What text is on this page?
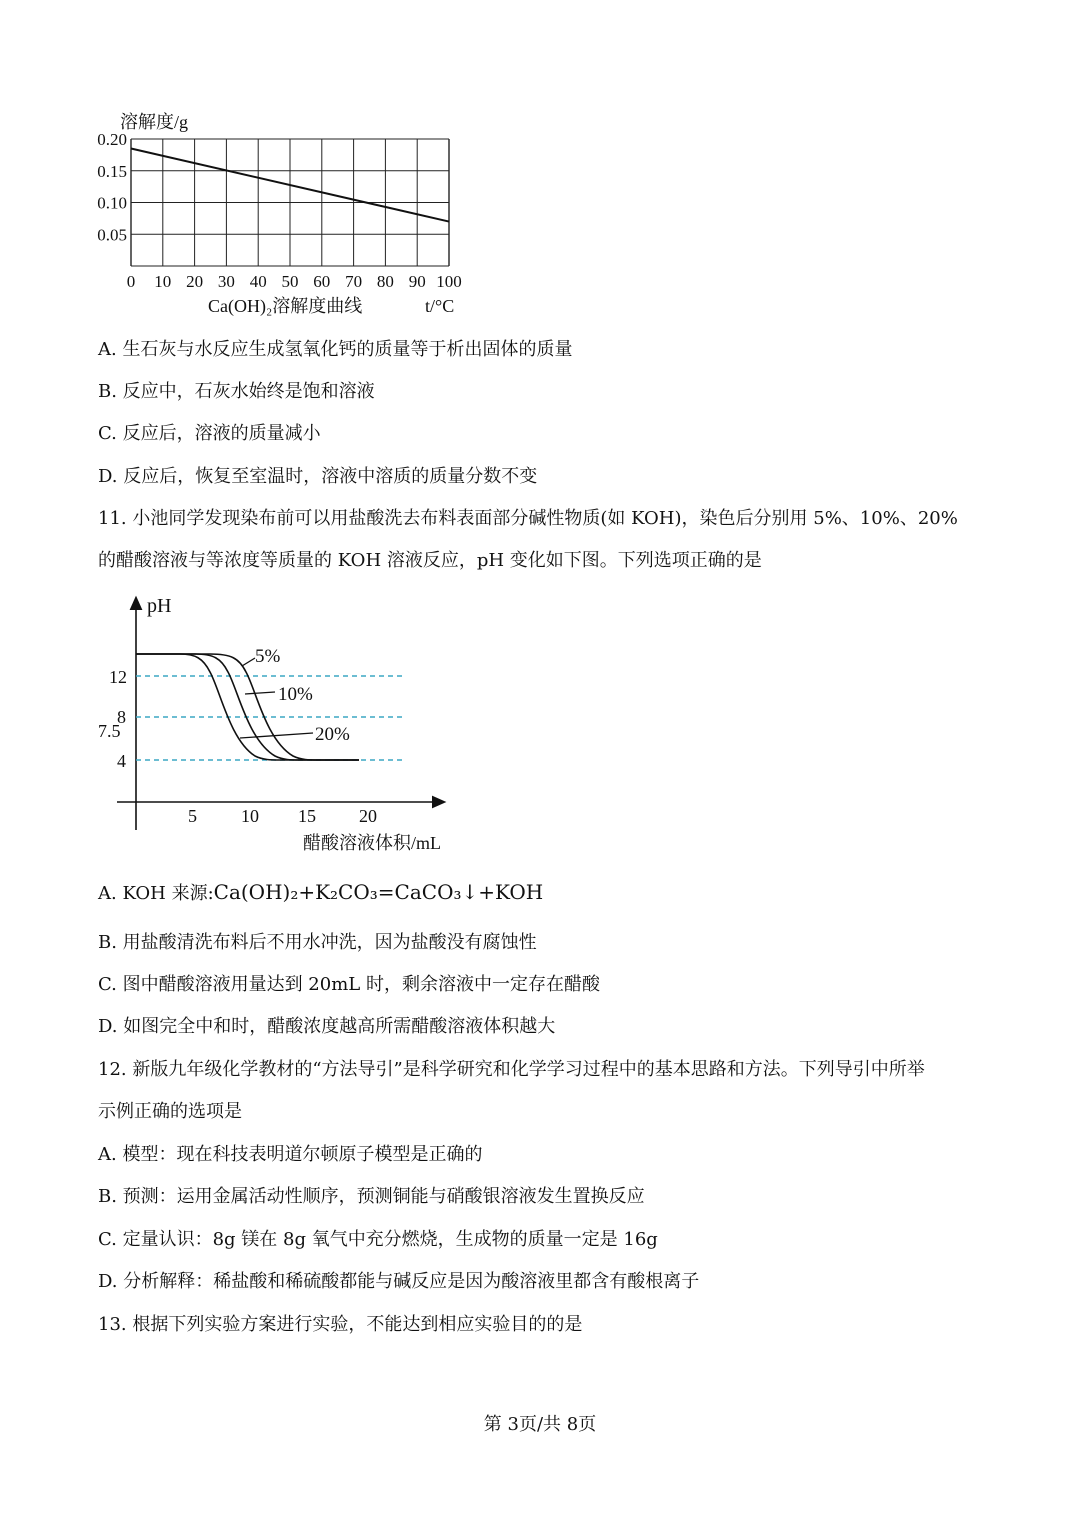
溶解度/g
0.20
0.15
0.10
0.05
0 10 20 30 40 50 60 70 80 90 100
Ca(OH)₂溶解度曲线	t/°C
A. 生石灰与水反应生成氢氧化钙的质量等于析出固体的质量
B. 反应中，石灰水始终是饱和溶液
C. 反应后，溶液的质量减小
D. 反应后，恢复至室温时，溶液中溶质的质量分数不变
11. 小池同学发现染布前可以用盐酸洗去布料表面部分碱性物质(如 KOH)，染色后分别用 5%、10%、20%
的醋酸溶液与等浓度等质量的 KOH 溶液反应，pH 变化如下图。下列选项正确的是
pH
12
8
7.5
4
5 10 15 20
5%
10%
20%
醋酸溶液体积/mL
A. KOH 来源:Ca(OH)₂+K₂CO₃=CaCO₃↓+KOH
B. 用盐酸清洗布料后不用水冲洗，因为盐酸没有腐蚀性
C. 图中醋酸溶液用量达到 20mL 时，剩余溶液中一定存在醋酸
D. 如图完全中和时，醋酸浓度越高所需醋酸溶液体积越大
12. 新版九年级化学教材的“方法导引”是科学研究和化学学习过程中的基本思路和方法。下列导引中所举
示例正确的选项是
A. 模型：现在科技表明道尔顿原子模型是正确的
B. 预测：运用金属活动性顺序，预测铜能与硝酸银溶液发生置换反应
C. 定量认识：8g 镁在 8g 氧气中充分燃烧，生成物的质量一定是 16g
D. 分析解释：稀盐酸和稀硫酸都能与碱反应是因为酸溶液里都含有酸根离子
13. 根据下列实验方案进行实验，不能达到相应实验目的的是
第 3页/共 8页
